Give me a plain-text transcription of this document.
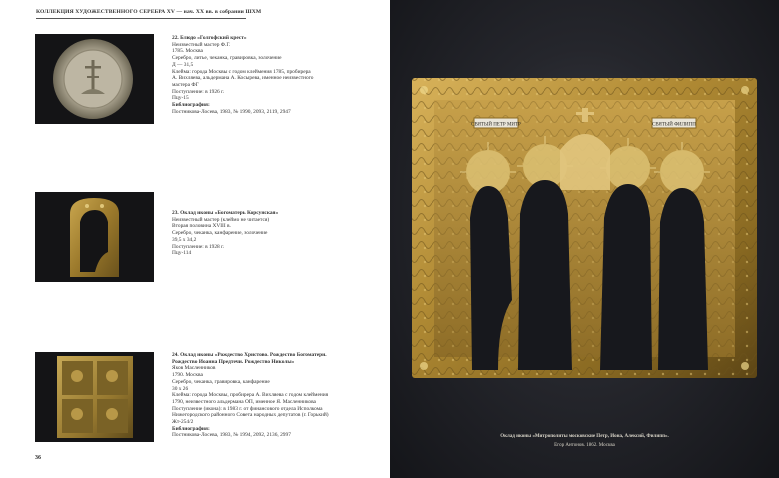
КОЛЛЕКЦИЯ ХУДОЖЕСТВЕННОГО СЕРЕБРА XV — нач. XX вв. в собрании ШХМ
22. Блюдо «Голгофский крест»
Неизвестный мастер Ф.Г.
1785. Москва
Серебро, литье, чеканка, гравировка, золочение
Д — 31,5
Клейма: города Москвы с годом клеймения 1785, пробирера
А. Вихляева, альдермана А. Косырева, именное неизвестного
мастера ФГ
Поступление: в 1926 г.
Пцу-15
Библиография:
Постникова-Лосева, 1983, № 1990, 2093, 2119, 2947
23. Оклад иконы «Богоматерь Корсунская»
Неизвестный мастер (клеймо не читается)
Вторая половина XVIII в.
Серебро, чеканка, канфарение, золочение
39,5 x 34,2
Поступление: в 1928 г.
Пцу-114
24. Оклад иконы «Рождество Христово. Рождество Богоматери.
Рождество Иоанна Предтечи. Рождество Николы»
Яков Масленников
1790. Москва
Серебро, чеканка, гравировка, канфарение
30 x 26
Клейма: города Москвы, пробирера А. Вихляева с годом клеймения
1790, неизвестного альдермана ОП, именное Я. Масленникова
Поступление (икона): в 1983 г. от финансового отдела Исполкома
Нижегородского районного Совета народных депутатов (г. Горький)
Жт-254/2
Библиография:
Постникова-Лосева, 1983, № 1994, 2092, 2136, 2997
36
СВЯТЫЙ ПЕТР МИТР	СВЯТЫЙ ФИЛИПП
Оклад иконы «Митрополиты московские Петр, Иона, Алексий, Филипп».
Егор Антонов. 1862. Москва
